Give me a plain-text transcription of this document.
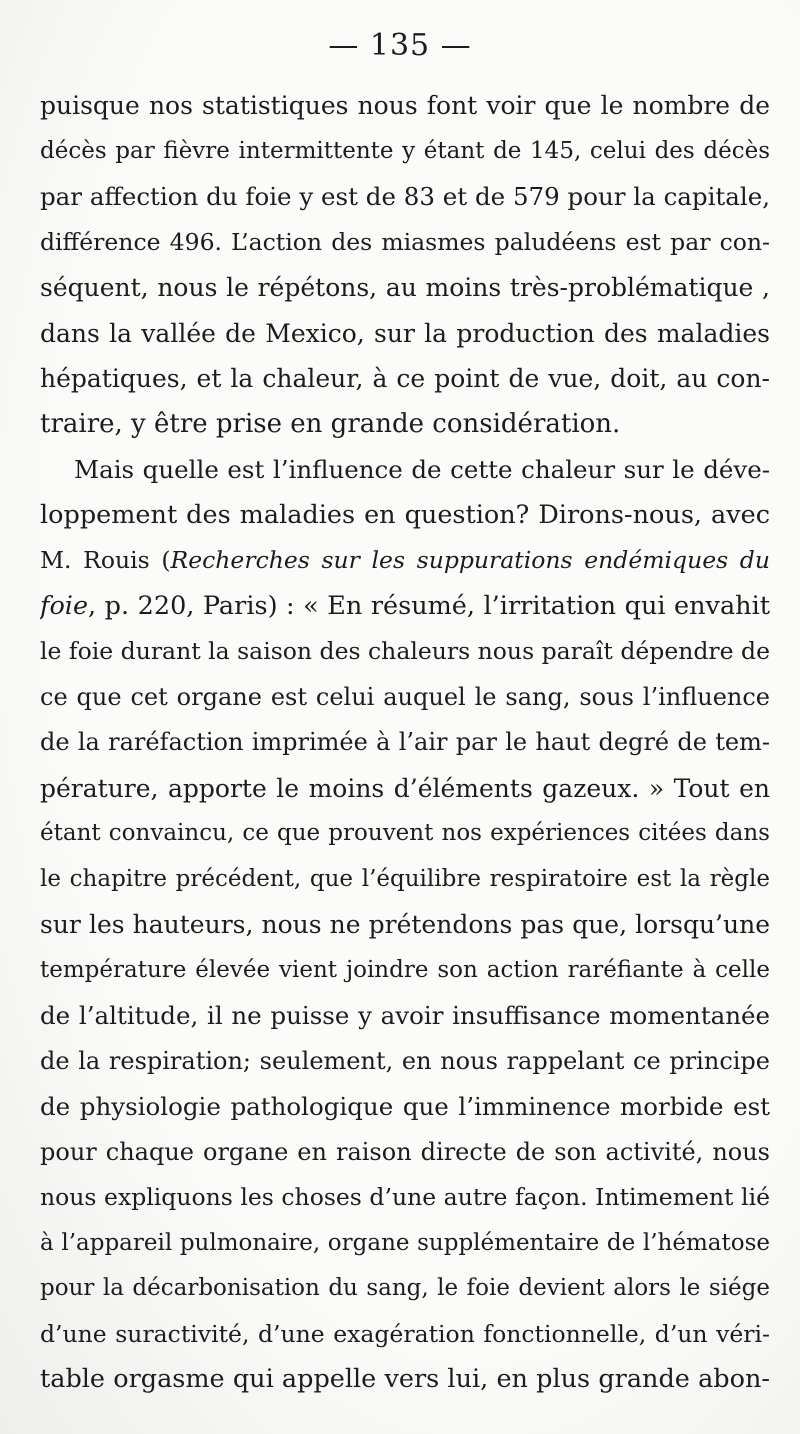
— 135 —
puisque nos statistiques nous font voir que le nombre de
décès par fièvre intermittente y étant de 145, celui des décès
par affection du foie y est de 83 et de 579 pour la capitale,
différence 496. L’action des miasmes paludéens est par con-
séquent, nous le répétons, au moins très-problématique ,
dans la vallée de Mexico, sur la production des maladies
hépatiques, et la chaleur, à ce point de vue, doit, au con-
traire, y être prise en grande considération.
Mais quelle est l’influence de cette chaleur sur le déve-
loppement des maladies en question? Dirons-nous, avec
M. Rouis (Recherches sur les suppurations endémiques du
foie, p. 220, Paris) : « En résumé, l’irritation qui envahit
le foie durant la saison des chaleurs nous paraît dépendre de
ce que cet organe est celui auquel le sang, sous l’influence
de la raréfaction imprimée à l’air par le haut degré de tem-
pérature, apporte le moins d’éléments gazeux. » Tout en
étant convaincu, ce que prouvent nos expériences citées dans
le chapitre précédent, que l’équilibre respiratoire est la règle
sur les hauteurs, nous ne prétendons pas que, lorsqu’une
température élevée vient joindre son action raréfiante à celle
de l’altitude, il ne puisse y avoir insuffisance momentanée
de la respiration; seulement, en nous rappelant ce principe
de physiologie pathologique que l’imminence morbide est
pour chaque organe en raison directe de son activité, nous
nous expliquons les choses d’une autre façon. Intimement lié
à l’appareil pulmonaire, organe supplémentaire de l’hématose
pour la décarbonisation du sang, le foie devient alors le siége
d’une suractivité, d’une exagération fonctionnelle, d’un véri-
table orgasme qui appelle vers lui, en plus grande abon-
